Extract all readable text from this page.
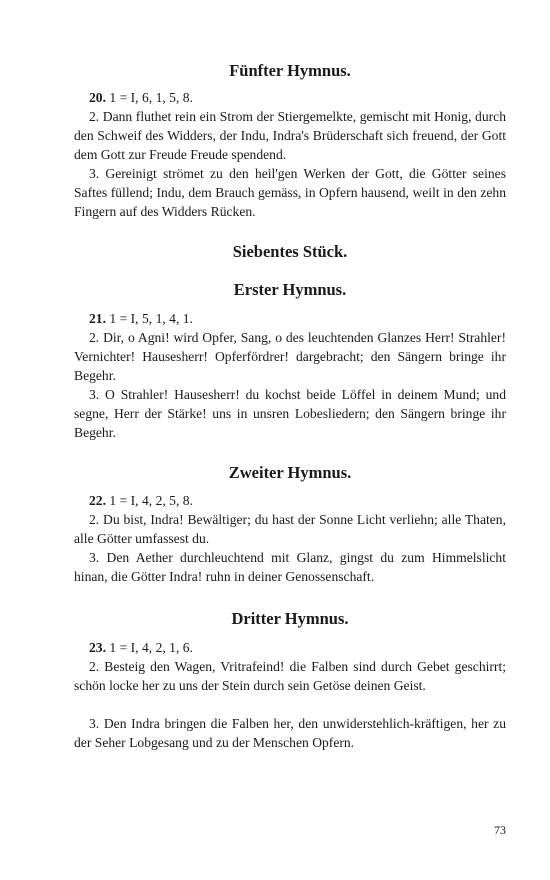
Fünfter Hymnus.

20. 1 = I, 6, 1, 5, 8.

2. Dann fluthet rein ein Strom der Stiergemelkte, gemischt mit Honig, durch den Schweif des Widders, der Indu, Indra's Brüderschaft sich freuend, der Gott dem Gott zur Freude Freude spendend.

3. Gereinigt strömet zu den heil'gen Werken der Gott, die Götter seines Saftes füllend; Indu, dem Brauch gemäss, in Opfern hausend, weilt in den zehn Fingern auf des Widders Rücken.

Siebentes Stück.
Erster Hymnus.

21. 1 = I, 5, 1, 4, 1.

2. Dir, o Agni! wird Opfer, Sang, o des leuchtenden Glanzes Herr! Strahler! Vernichter! Hausesherr! Opferfördrer! dargebracht; den Sängern bringe ihr Begehr.

3. O Strahler! Hausesherr! du kochst beide Löffel in deinem Mund; und segne, Herr der Stärke! uns in unsren Lobesliedern; den Sängern bringe ihr Begehr.

Zweiter Hymnus.

22. 1 = I, 4, 2, 5, 8.

2. Du bist, Indra! Bewältiger; du hast der Sonne Licht verliehn; alle Thaten, alle Götter umfassest du.

3. Den Aether durchleuchtend mit Glanz, gingst du zum Himmelslicht hinan, die Götter Indra! ruhn in deiner Genossenschaft.

Dritter Hymnus.

23. 1 = I, 4, 2, 1, 6.

2. Besteig den Wagen, Vritrafeind! die Falben sind durch Gebet geschirrt; schön locke her zu uns der Stein durch sein Getöse deinen Geist.

3. Den Indra bringen die Falben her, den unwiderstehlich-kräftigen, her zu der Seher Lobgesang und zu der Menschen Opfern.

73
